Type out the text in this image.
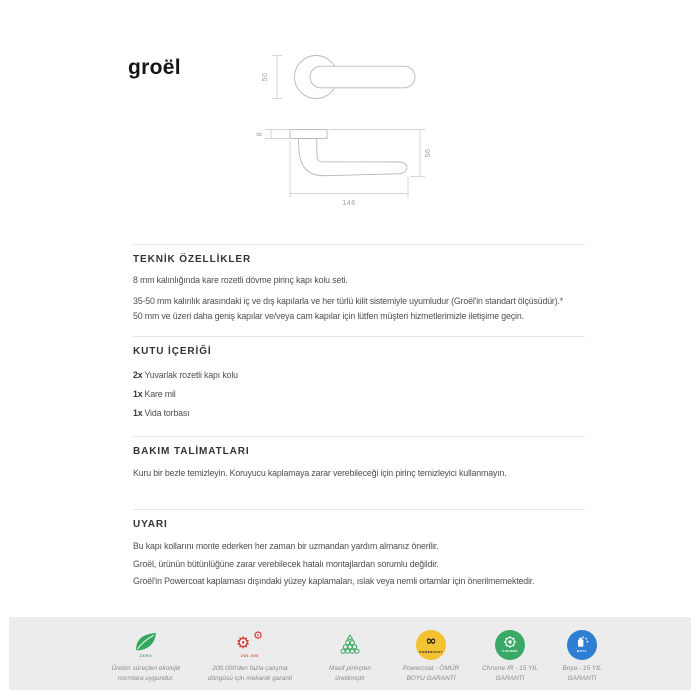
groël	50
8
56
146
TEKNİK ÖZELLİKLER

8 mm kalınlığında kare rozetli dövme pirinç kapı kolu seti.

35-50 mm kalınlık arasındaki iç ve dış kapılarla ve her türlü kilit sistemiyle uyumludur (Groël'in standart ölçüsüdür).*

50 mm ve üzeri daha geniş kapılar ve/veya cam kapılar için lütfen müşteri hizmetlerimizle iletişime geçin.

KUTU İÇERİĞİ

2x Yuvarlak rozetli kapı kolu

1x Kare mil

1x Vida torbası

BAKIM TALİMATLARI

Kuru bir bezle temizleyin. Koruyucu kaplamaya zarar verebileceği için pirinç temizleyici kullanmayın.

UYARI

Bu kapı kollarını monte ederken her zaman bir uzmandan yardım almanız önerilir.

Groël, ürünün bütünlüğüne zarar verebilecek hatalı montajlardan sorumlu değildir.

Groël'in Powercoat kaplaması dışındaki yüzey kaplamaları, ıslak veya nemli ortamlar için önerilmemektedir.

ZERO
Üretim süreçleri ekolojik
normlara uygundur.
⚙ ⚙
200.000
200.000'den fazla çalışma
döngüsü için mekanik garanti
Masif pirinçten
üretilmiştir
∞
POWERCOAT
Powercoat - ÖMÜR
BOYU GARANTİ
CHROME
Chrome IR - 15 YIL
GARANTİ
BOYA
Boya - 15 YIL
GARANTİ
